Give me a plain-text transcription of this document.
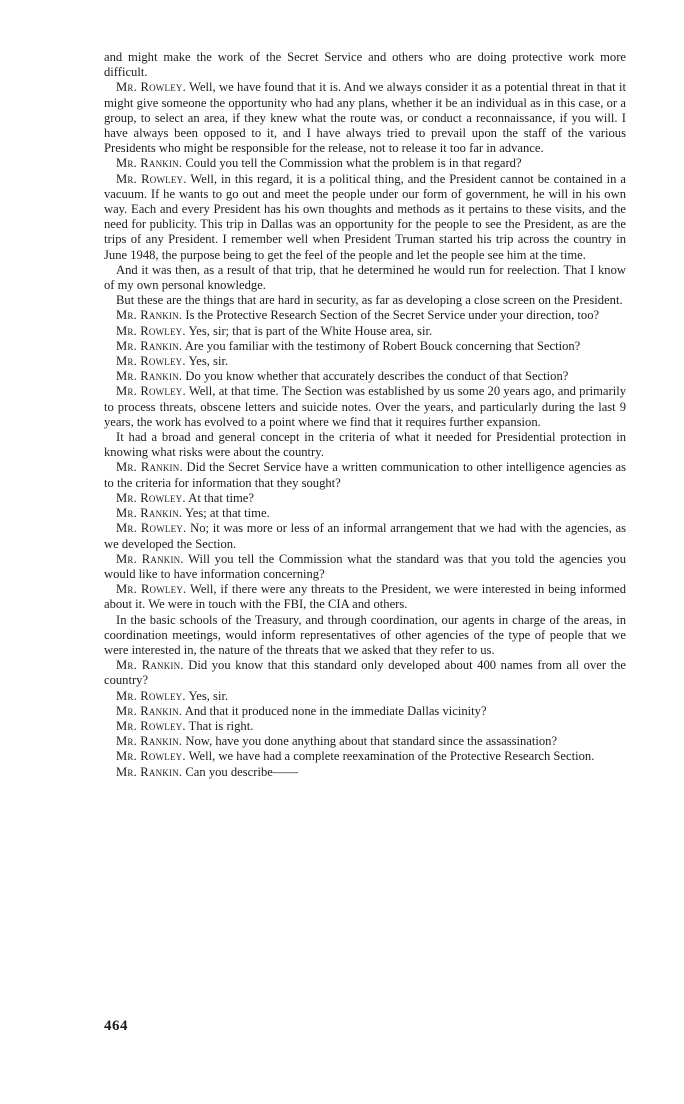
and might make the work of the Secret Service and others who are doing protective work more difficult.

Mr. Rowley. Well, we have found that it is. And we always consider it as a potential threat in that it might give someone the opportunity who had any plans, whether it be an individual as in this case, or a group, to select an area, if they knew what the route was, or conduct a reconnaissance, if you will. I have always been opposed to it, and I have always tried to prevail upon the staff of the various Presidents who might be responsible for the release, not to release it too far in advance.

Mr. Rankin. Could you tell the Commission what the problem is in that regard?

Mr. Rowley. Well, in this regard, it is a political thing, and the President cannot be contained in a vacuum. If he wants to go out and meet the people under our form of government, he will in his own way. Each and every President has his own thoughts and methods as it pertains to these visits, and the need for publicity. This trip in Dallas was an opportunity for the people to see the President, as are the trips of any President. I remember well when President Truman started his trip across the country in June 1948, the purpose being to get the feel of the people and let the people see him at the time.

And it was then, as a result of that trip, that he determined he would run for reelection. That I know of my own personal knowledge.

But these are the things that are hard in security, as far as developing a close screen on the President.

Mr. Rankin. Is the Protective Research Section of the Secret Service under your direction, too?

Mr. Rowley. Yes, sir; that is part of the White House area, sir.

Mr. Rankin. Are you familiar with the testimony of Robert Bouck concerning that Section?

Mr. Rowley. Yes, sir.

Mr. Rankin. Do you know whether that accurately describes the conduct of that Section?

Mr. Rowley. Well, at that time. The Section was established by us some 20 years ago, and primarily to process threats, obscene letters and suicide notes. Over the years, and particularly during the last 9 years, the work has evolved to a point where we find that it requires further expansion.

It had a broad and general concept in the criteria of what it needed for Presidential protection in knowing what risks were about the country.

Mr. Rankin. Did the Secret Service have a written communication to other intelligence agencies as to the criteria for information that they sought?

Mr. Rowley. At that time?

Mr. Rankin. Yes; at that time.

Mr. Rowley. No; it was more or less of an informal arrangement that we had with the agencies, as we developed the Section.

Mr. Rankin. Will you tell the Commission what the standard was that you told the agencies you would like to have information concerning?

Mr. Rowley. Well, if there were any threats to the President, we were interested in being informed about it. We were in touch with the FBI, the CIA and others.

In the basic schools of the Treasury, and through coordination, our agents in charge of the areas, in coordination meetings, would inform representatives of other agencies of the type of people that we were interested in, the nature of the threats that we asked that they refer to us.

Mr. Rankin. Did you know that this standard only developed about 400 names from all over the country?

Mr. Rowley. Yes, sir.

Mr. Rankin. And that it produced none in the immediate Dallas vicinity?

Mr. Rowley. That is right.

Mr. Rankin. Now, have you done anything about that standard since the assassination?

Mr. Rowley. Well, we have had a complete reexamination of the Protective Research Section.

Mr. Rankin. Can you describe——

464
